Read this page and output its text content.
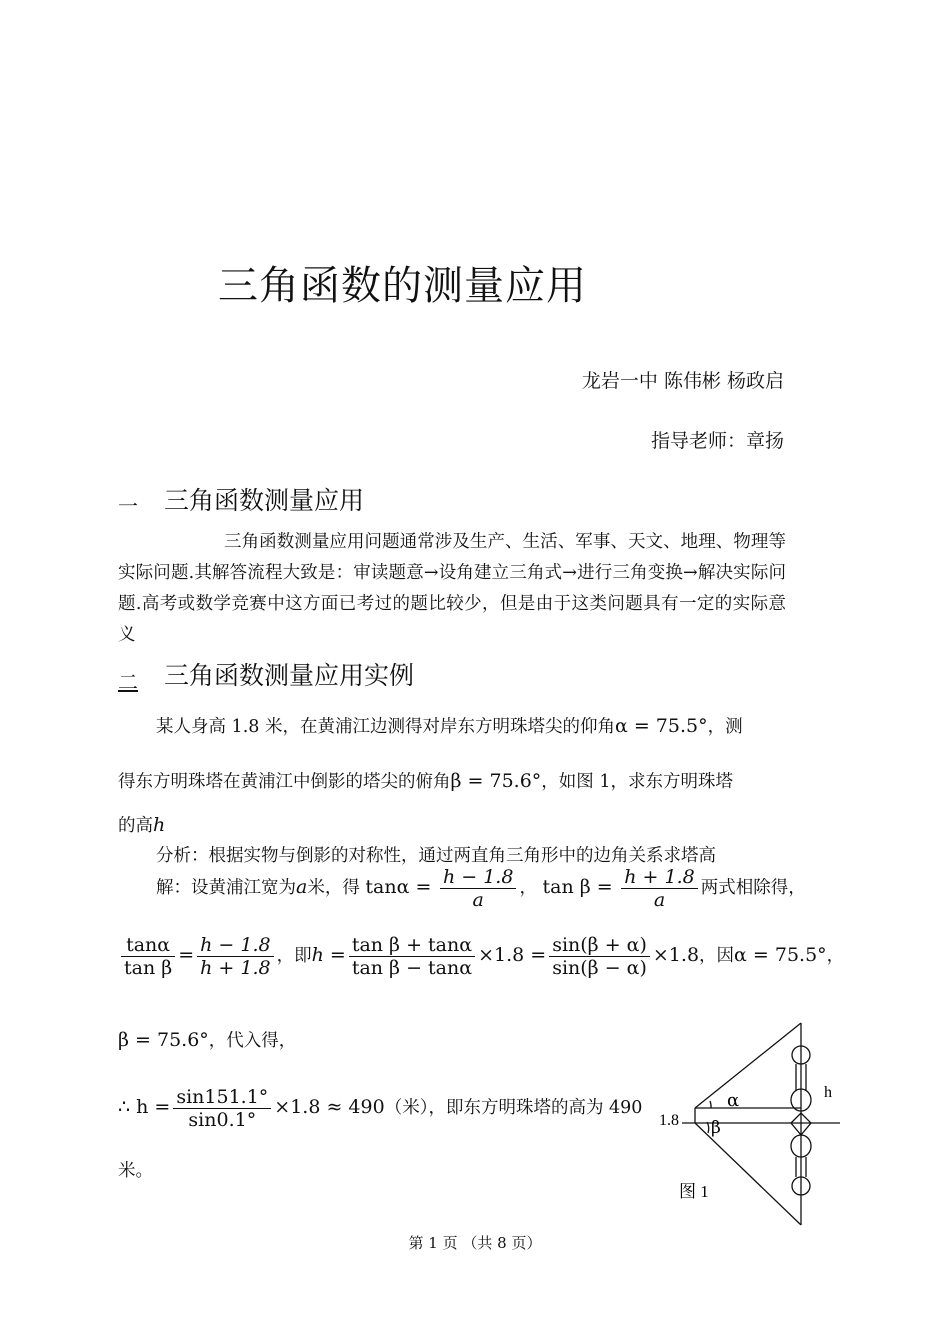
三角函数的测量应用
龙岩一中 陈伟彬 杨政启
指导老师：章扬
一 三角函数测量应用
三角函数测量应用问题通常涉及生产、生活、军事、天文、地理、物理等实际问题.其解答流程大致是：审读题意→设角建立三角式→进行三角变换→解决实际问题.高考或数学竞赛中这方面已考过的题比较少，但是由于这类问题具有一定的实际意义
二 三角函数测量应用实例
某人身高 1.8 米，在黄浦江边测得对岸东方明珠塔尖的仰角α = 75.5°，测
得东方明珠塔在黄浦江中倒影的塔尖的俯角β = 75.6°，如图 1，求东方明珠塔
的高h
分析：根据实物与倒影的对称性，通过两直角三角形中的边角关系求塔高
解：设黄浦江宽为a米，得 $\tan\alpha = \frac{h - 1.8}{a}$ ， $\tan \beta = \frac{h + 1.8}{a}$ 两式相除得，
$\frac{\tan\alpha}{\text{tan β}} = \frac{h - 1.8}{h + 1.8}$ ，即$h = \frac{\text{tan β + tanα}}{\text{tan β − tanα}} \times 1.8 = \frac{\sin(\beta + \alpha)}{\sin(\beta - \alpha)} \times 1.8$，因α = 75.5°，
β = 75.6°，代入得，
∴ $h = \frac{\sin 151.1^\circ}{\sin 0.1^\circ} \times 1.8 \approx 490$（米），即东方明珠塔的高为 490
米。
h
α
β
1.8
图 1
第 1 页 （共 8 页）
